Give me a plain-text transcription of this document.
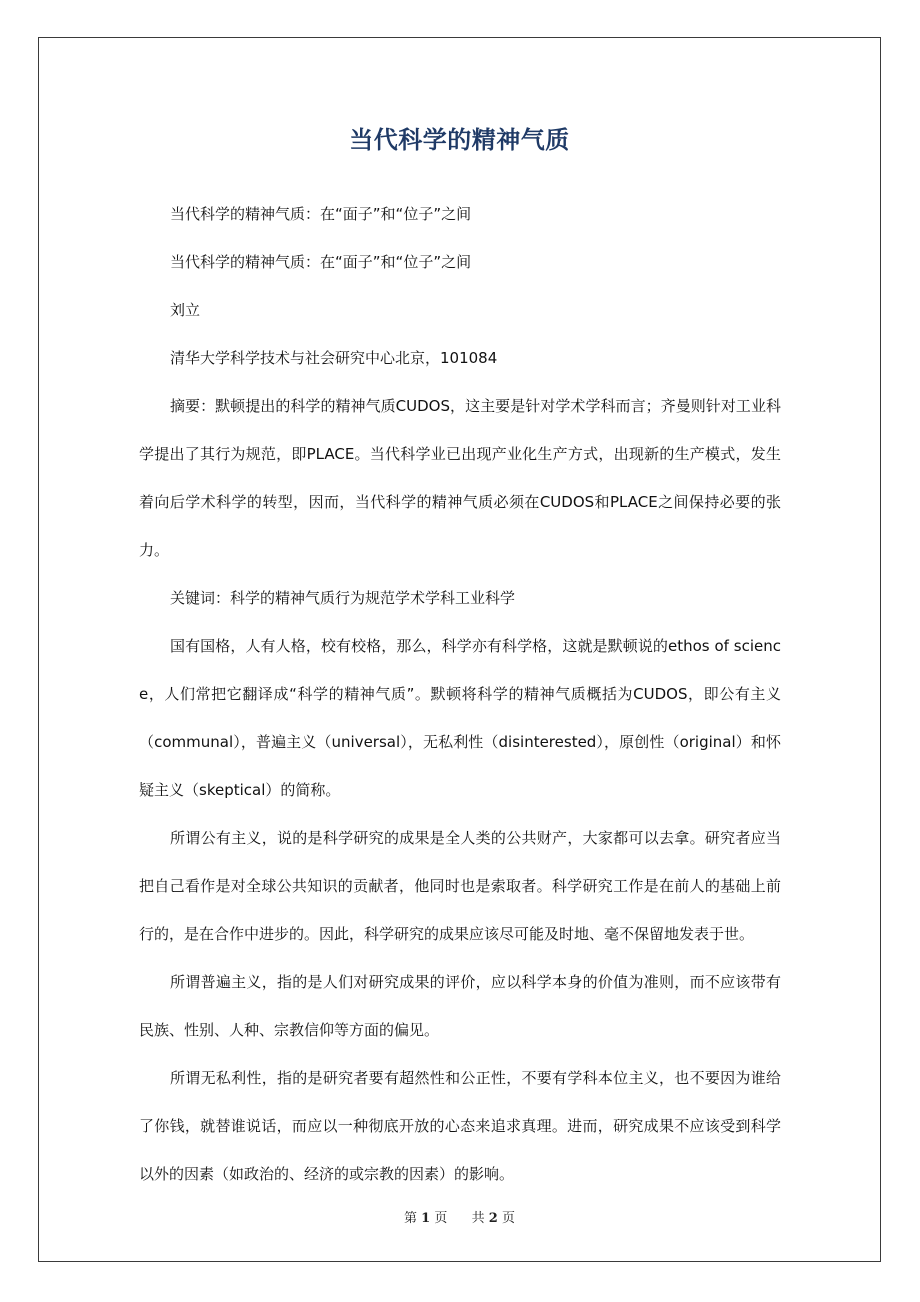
当代科学的精神气质

当代科学的精神气质：在“面子”和“位子”之间

当代科学的精神气质：在“面子”和“位子”之间

刘立

清华大学科学技术与社会研究中心北京，101084

摘要：默顿提出的科学的精神气质CUDOS，这主要是针对学术学科而言；齐曼则针对工业科学提出了其行为规范，即PLACE。当代科学业已出现产业化生产方式，出现新的生产模式，发生着向后学术科学的转型，因而，当代科学的精神气质必须在CUDOS和PLACE之间保持必要的张力。

关键词：科学的精神气质行为规范学术学科工业科学

国有国格，人有人格，校有校格，那么，科学亦有科学格，这就是默顿说的ethos of science，人们常把它翻译成“科学的精神气质”。默顿将科学的精神气质概括为CUDOS，即公有主义（communal），普遍主义（universal），无私利性（disinterested），原创性（original）和怀疑主义（skeptical）的简称。

所谓公有主义，说的是科学研究的成果是全人类的公共财产，大家都可以去拿。研究者应当把自己看作是对全球公共知识的贡献者，他同时也是索取者。科学研究工作是在前人的基础上前行的，是在合作中进步的。因此，科学研究的成果应该尽可能及时地、毫不保留地发表于世。

所谓普遍主义，指的是人们对研究成果的评价，应以科学本身的价值为准则，而不应该带有民族、性别、人种、宗教信仰等方面的偏见。

所谓无私利性，指的是研究者要有超然性和公正性，不要有学科本位主义，也不要因为谁给了你钱，就替谁说话，而应以一种彻底开放的心态来追求真理。进而，研究成果不应该受到科学以外的因素（如政治的、经济的或宗教的因素）的影响。

第 1 页 共 2 页
